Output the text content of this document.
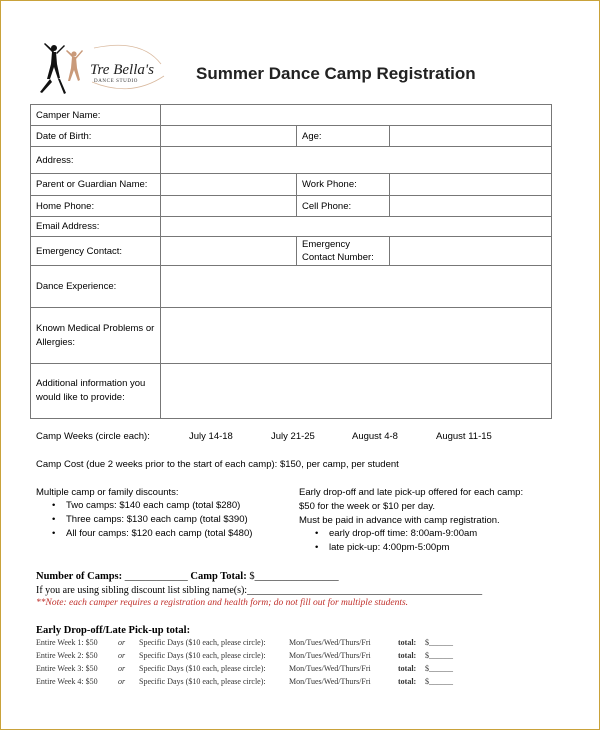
Tre Bella's
DANCE STUDIO	Summer Dance Camp Registration
Camper Name:			
Date of Birth:		Age:	
Address:			
Parent or Guardian Name:		Work Phone:	
Home Phone:		Cell Phone:	
Email Address:			
Emergency Contact:		Emergency Contact Number:	
Dance Experience:			
Known Medical Problems or Allergies:			
Additional information you would like to provide:			
Camp Weeks (circle each):	July 14-18	July 21-25	August 4-8	August 11-15
Camp Cost (due 2 weeks prior to the start of each camp): $150, per camp, per student
Multiple camp or family discounts:
• Two camps: $140 each camp (total $280)
• Three camps: $130 each camp (total $390)
• All four camps: $120 each camp (total $480)
Early drop-off and late pick-up offered for each camp:
$50 for the week or $10 per day.
Must be paid in advance with camp registration.
• early drop-off time: 8:00am-9:00am
• late pick-up: 4:00pm-5:00pm
Number of Camps: ____________ Camp Total: $________________
If you are using sibling discount list sibling name(s):_______________________________________________
**Note: each camper requires a registration and health form; do not fill out for multiple students.
Early Drop-off/Late Pick-up total:
Entire Week 1: $50	or Specific Days ($10 each, please circle):	Mon/Tues/Wed/Thurs/Fri	total: $______
Entire Week 2: $50	or Specific Days ($10 each, please circle):	Mon/Tues/Wed/Thurs/Fri	total: $______
Entire Week 3: $50	or Specific Days ($10 each, please circle):	Mon/Tues/Wed/Thurs/Fri	total: $______
Entire Week 4: $50	or Specific Days ($10 each, please circle):	Mon/Tues/Wed/Thurs/Fri	total: $______
